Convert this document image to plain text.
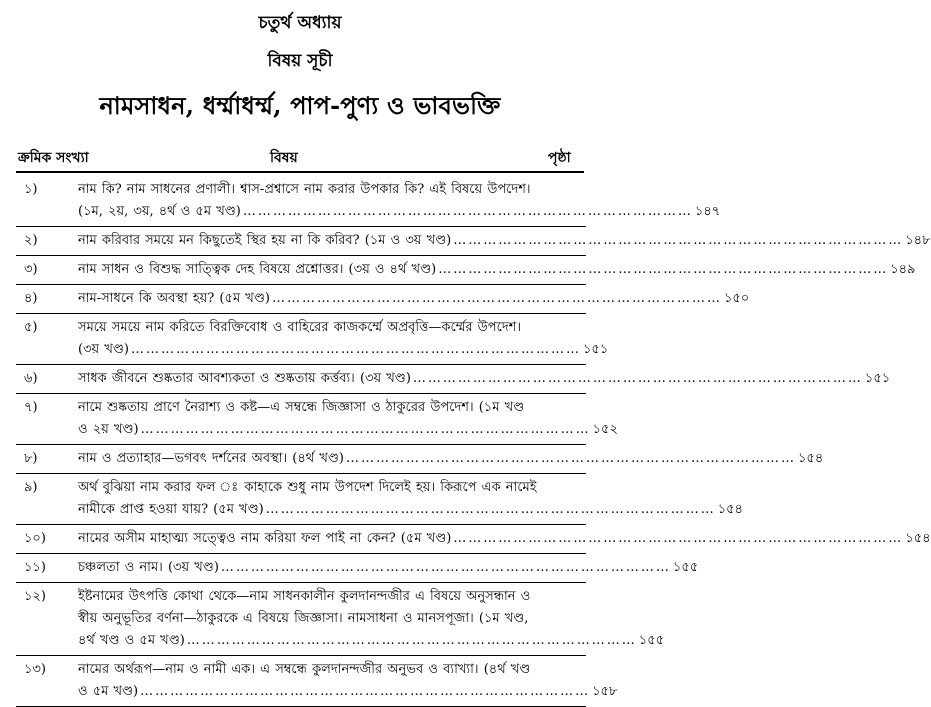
চতুর্থ অধ্যায়
বিষয় সূচী
নামসাধন, ধর্ম্মাধর্ম্ম, পাপ-পুণ্য ও ভাবভক্তি
ক্রমিক সংখ্যা	বিষয়	পৃষ্ঠা
১)	নাম কি? নাম সাধনের প্রণালী। শ্বাস-প্রশ্বাসে নাম করার উপকার কি? এই বিষয়ে উপদেশ।
(১ম, ২য়, ৩য়, ৪র্থ ও ৫ম খণ্ড) ……………………………………………………………………………… ১৪৭
২)	নাম করিবার সময়ে মন কিছুতেই স্থির হয় না কি করিব? (১ম ও ৩য় খণ্ড) ……………………………………………………………………………… ১৪৮
৩)	নাম সাধন ও বিশুদ্ধ সাত্ত্বিক দেহ বিষয়ে প্রশ্নোত্তর। (৩য় ও ৪র্থ খণ্ড) ……………………………………………………………………………… ১৪৯
৪)	নাম-সাধনে কি অবস্থা হয়? (৫ম খণ্ড) ……………………………………………………………………………… ১৫০
৫)	সময়ে সময়ে নাম করিতে বিরক্তিবোধ ও বাহিরের কাজকর্ম্মে অপ্রবৃত্তি—কর্ম্মের উপদেশ।
(৩য় খণ্ড) ……………………………………………………………………………… ১৫১
৬)	সাধক জীবনে শুষ্কতার আবশ্যকতা ও শুষ্কতায় কর্ত্তব্য। (৩য় খণ্ড) ……………………………………………………………………………… ১৫১
৭)	নামে শুষ্কতায় প্রাণে নৈরাশ্য ও কষ্ট—এ সম্বন্ধে জিজ্ঞাসা ও ঠাকুরের উপদেশ। (১ম খণ্ড
ও ২য় খণ্ড) ……………………………………………………………………………… ১৫২
৮)	নাম ও প্রত্যাহার—ভগবৎ দর্শনের অবস্থা। (৪র্থ খণ্ড) ……………………………………………………………………………… ১৫৪
৯)	অর্থ বুঝিয়া নাম করার ফল ঃ কাহাকে শুধু নাম উপদেশ দিলেই হয়। কিরূপে এক নামেই
নামীকে প্রাপ্ত হওয়া যায়? (৫ম খণ্ড) ……………………………………………………………………………… ১৫৪
১০)	নামের অসীম মাহাত্ম্য সত্ত্বেও নাম করিয়া ফল পাই না কেন? (৫ম খণ্ড) ……………………………………………………………………………… ১৫৪
১১)	চঞ্চলতা ও নাম। (৩য় খণ্ড) ……………………………………………………………………………… ১৫৫
১২)	ইষ্টনামের উৎপত্তি কোথা থেকে—নাম সাধনকালীন কুলদানন্দজীর এ বিষয়ে অনুসন্ধান ও
স্বীয় অনুভূতির বর্ণনা—ঠাকুরকে এ বিষয়ে জিজ্ঞাসা। নামসাধনা ও মানসপূজা। (১ম খণ্ড,
৪র্থ খণ্ড ও ৫ম খণ্ড) ……………………………………………………………………………… ১৫৫
১৩)	নামের অর্থরূপ—নাম ও নামী এক। এ সম্বন্ধে কুলদানন্দজীর অনুভব ও ব্যাখ্যা। (৪র্থ খণ্ড
ও ৫ম খণ্ড) ……………………………………………………………………………… ১৫৮
